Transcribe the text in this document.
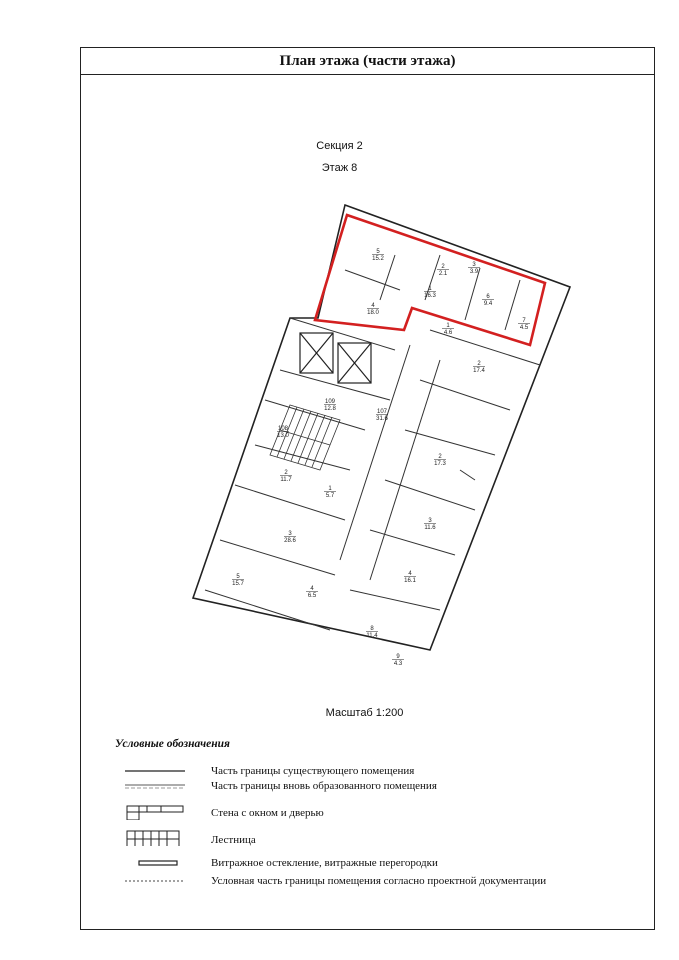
План этажа (части этажа)
Секция 2
Этаж 8
5
15.2
1
16.3
4
18.0
6
9.4
7
4.5
2
2.1
3
3.9
1
4.6
2
17.4
109
12.8	107
31.6
108
13.0
2
11.7
1
5.7
3
28.6
2
17.3
3
11.6
4
16.1
5
15.7
4
6.5
8
11.4
9
4.3
Масштаб 1:200
Условные обозначения
Часть границы существующего помещения
Часть границы вновь образованного помещения
Стена с окном и дверью
Лестница
Витражное остекление, витражные перегородки
Условная часть границы помещения согласно проектной документации
